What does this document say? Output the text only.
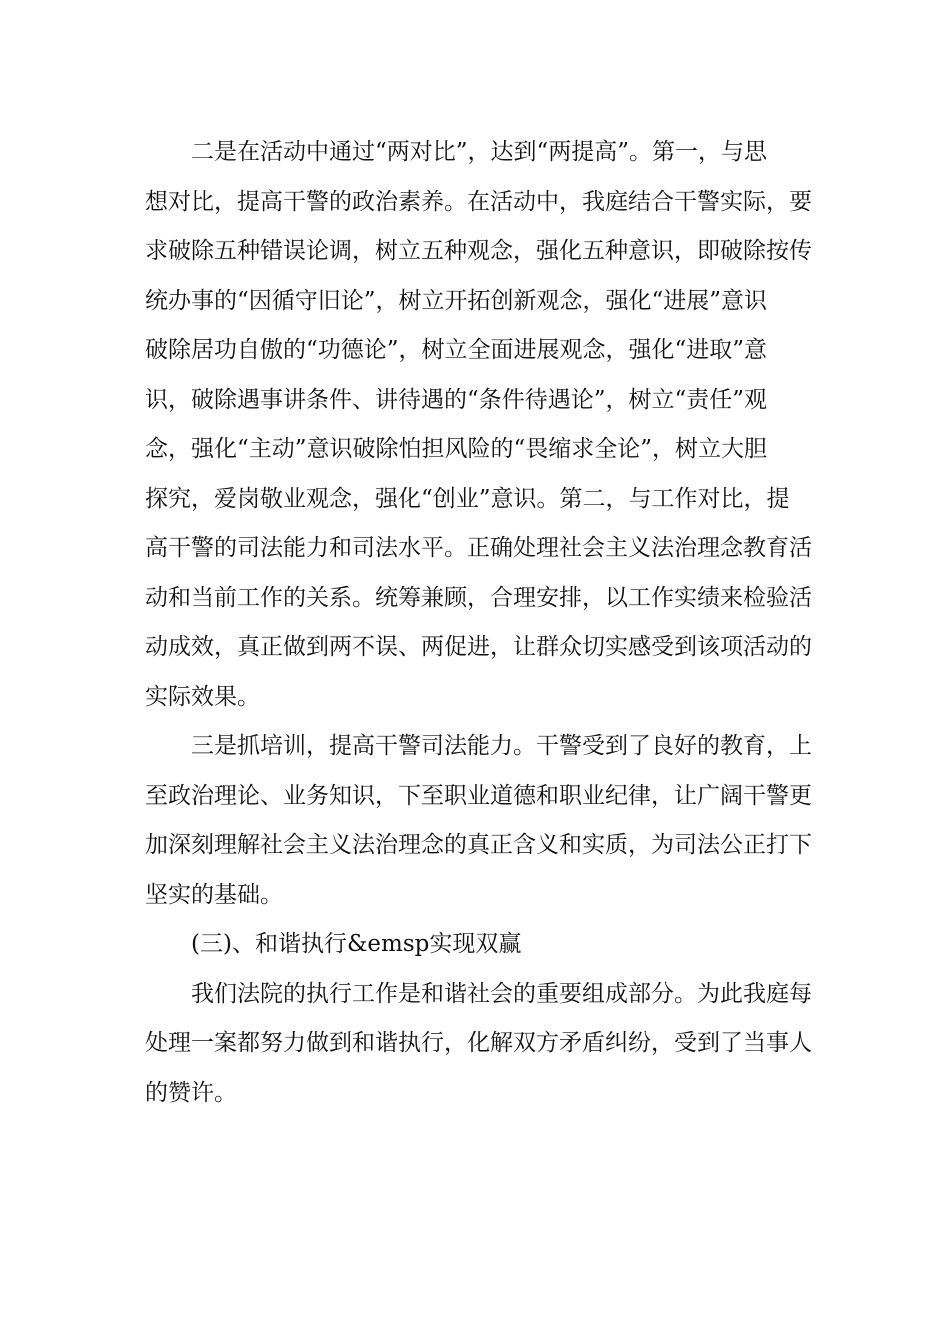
二是在活动中通过“两对比”，达到“两提高”。第一，与思
想对比，提高干警的政治素养。在活动中，我庭结合干警实际，要
求破除五种错误论调，树立五种观念，强化五种意识，即破除按传
统办事的“因循守旧论”，树立开拓创新观念，强化“进展”意识
破除居功自傲的“功德论”，树立全面进展观念，强化“进取”意
识，破除遇事讲条件、讲待遇的“条件待遇论”，树立“责任”观
念，强化“主动”意识破除怕担风险的“畏缩求全论”，树立大胆
探究，爱岗敬业观念，强化“创业”意识。第二，与工作对比，提
高干警的司法能力和司法水平。正确处理社会主义法治理念教育活
动和当前工作的关系。统筹兼顾，合理安排，以工作实绩来检验活
动成效，真正做到两不误、两促进，让群众切实感受到该项活动的
实际效果。
三是抓培训，提高干警司法能力。干警受到了良好的教育，上
至政治理论、业务知识，下至职业道德和职业纪律，让广阔干警更
加深刻理解社会主义法治理念的真正含义和实质，为司法公正打下
坚实的基础。
(三)、和谐执行&emsp实现双赢
我们法院的执行工作是和谐社会的重要组成部分。为此我庭每
处理一案都努力做到和谐执行，化解双方矛盾纠纷，受到了当事人
的赞许。
